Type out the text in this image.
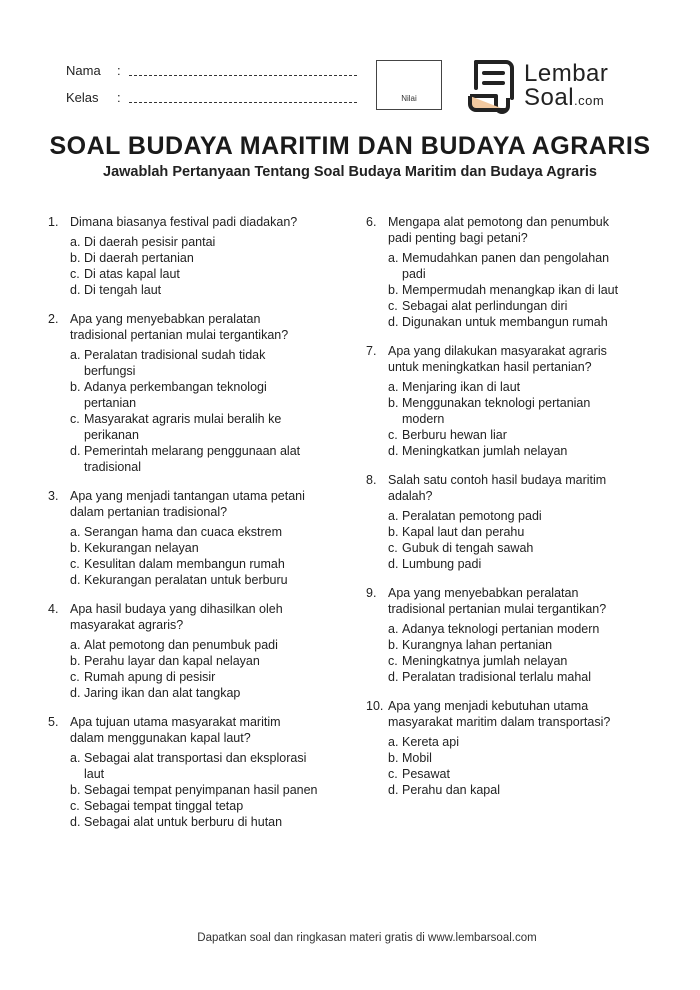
Nama :
Kelas :	Nilai
Lembar
Soal.com
SOAL BUDAYA MARITIM DAN BUDAYA AGRARIS
Jawablah Pertanyaan Tentang Soal Budaya Maritim dan Budaya Agraris
1. Dimana biasanya festival padi diadakan?
a. Di daerah pesisir pantai
b. Di daerah pertanian
c. Di atas kapal laut
d. Di tengah laut
2. Apa yang menyebabkan peralatan tradisional pertanian mulai tergantikan?
a. Peralatan tradisional sudah tidak berfungsi
b. Adanya perkembangan teknologi pertanian
c. Masyarakat agraris mulai beralih ke perikanan
d. Pemerintah melarang penggunaan alat tradisional
3. Apa yang menjadi tantangan utama petani dalam pertanian tradisional?
a. Serangan hama dan cuaca ekstrem
b. Kekurangan nelayan
c. Kesulitan dalam membangun rumah
d. Kekurangan peralatan untuk berburu
4. Apa hasil budaya yang dihasilkan oleh masyarakat agraris?
a. Alat pemotong dan penumbuk padi
b. Perahu layar dan kapal nelayan
c. Rumah apung di pesisir
d. Jaring ikan dan alat tangkap
5. Apa tujuan utama masyarakat maritim dalam menggunakan kapal laut?
a. Sebagai alat transportasi dan eksplorasi laut
b. Sebagai tempat penyimpanan hasil panen
c. Sebagai tempat tinggal tetap
d. Sebagai alat untuk berburu di hutan
6. Mengapa alat pemotong dan penumbuk padi penting bagi petani?
a. Memudahkan panen dan pengolahan padi
b. Mempermudah menangkap ikan di laut
c. Sebagai alat perlindungan diri
d. Digunakan untuk membangun rumah
7. Apa yang dilakukan masyarakat agraris untuk meningkatkan hasil pertanian?
a. Menjaring ikan di laut
b. Menggunakan teknologi pertanian modern
c. Berburu hewan liar
d. Meningkatkan jumlah nelayan
8. Salah satu contoh hasil budaya maritim adalah?
a. Peralatan pemotong padi
b. Kapal laut dan perahu
c. Gubuk di tengah sawah
d. Lumbung padi
9. Apa yang menyebabkan peralatan tradisional pertanian mulai tergantikan?
a. Adanya teknologi pertanian modern
b. Kurangnya lahan pertanian
c. Meningkatnya jumlah nelayan
d. Peralatan tradisional terlalu mahal
10. Apa yang menjadi kebutuhan utama masyarakat maritim dalam transportasi?
a. Kereta api
b. Mobil
c. Pesawat
d. Perahu dan kapal
Dapatkan soal dan ringkasan materi gratis di www.lembarsoal.com
